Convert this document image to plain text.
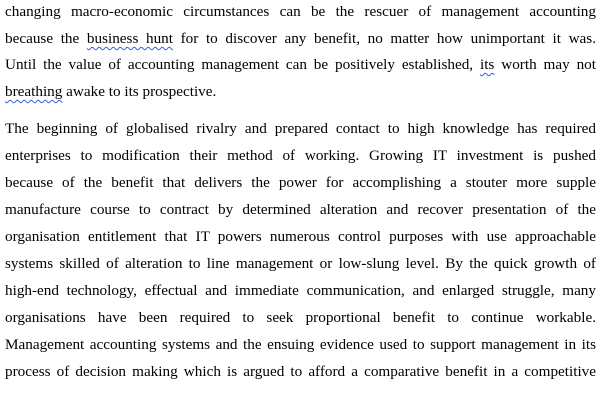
changing macro-economic circumstances can be the rescuer of management accounting
because the business hunt for to discover any benefit, no matter how unimportant it was.
Until the value of accounting management can be positively established, its worth may not
breathing awake to its prospective.
The beginning of globalised rivalry and prepared contact to high knowledge has required
enterprises to modification their method of working. Growing IT investment is pushed
because of the benefit that delivers the power for accomplishing a stouter more supple
manufacture course to contract by determined alteration and recover presentation of the
organisation entitlement that IT powers numerous control purposes with use approachable
systems skilled of alteration to line management or low-slung level. By the quick growth of
high-end technology, effectual and immediate communication, and enlarged struggle, many
organisations have been required to seek proportional benefit to continue workable.
Management accounting systems and the ensuing evidence used to support management in its
process of decision making which is argued to afford a comparative benefit in a competitive
